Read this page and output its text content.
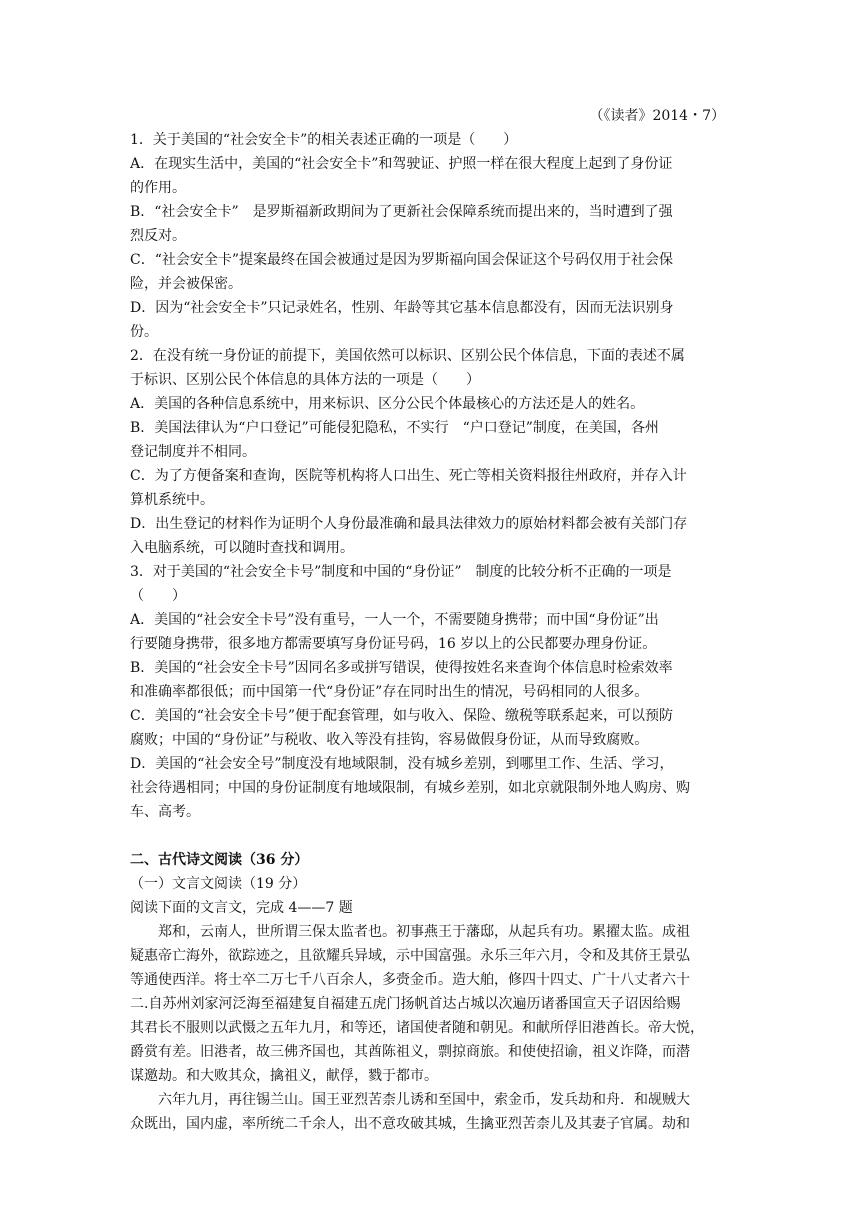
（《读者》2014・7）
1．关于美国的“社会安全卡”的相关表述正确的一项是（　　）
A．在现实生活中，美国的“社会安全卡”和驾驶证、护照一样在很大程度上起到了身份证
的作用。
B．“社会安全卡”　是罗斯福新政期间为了更新社会保障系统而提出来的，当时遭到了强
烈反对。
C．“社会安全卡”提案最终在国会被通过是因为罗斯福向国会保证这个号码仅用于社会保
险，并会被保密。
D．因为“社会安全卡”只记录姓名，性别、年龄等其它基本信息都没有，因而无法识别身
份。
2．在没有统一身份证的前提下，美国依然可以标识、区别公民个体信息，下面的表述不属
于标识、区别公民个体信息的具体方法的一项是（　　）
A．美国的各种信息系统中，用来标识、区分公民个体最核心的方法还是人的姓名。
B．美国法律认为“户口登记”可能侵犯隐私，不实行　“户口登记”制度，在美国，各州
登记制度并不相同。
C．为了方便备案和查询，医院等机构将人口出生、死亡等相关资料报往州政府，并存入计
算机系统中。
D．出生登记的材料作为证明个人身份最准确和最具法律效力的原始材料都会被有关部门存
入电脑系统，可以随时查找和调用。
3．对于美国的“社会安全卡号”制度和中国的“身份证”　制度的比较分析不正确的一项是
（　　）
A．美国的“社会安全卡号”没有重号，一人一个，不需要随身携带；而中国“身份证”出
行要随身携带，很多地方都需要填写身份证号码，16 岁以上的公民都要办理身份证。
B．美国的“社会安全卡号”因同名多或拼写错误，使得按姓名来查询个体信息时检索效率
和准确率都很低；而中国第一代“身份证”存在同时出生的情况，号码相同的人很多。
C．美国的“社会安全卡号”便于配套管理，如与收入、保险、缴税等联系起来，可以预防
腐败；中国的“身份证”与税收、收入等没有挂钩，容易做假身份证，从而导致腐败。
D．美国的“社会安全号”制度没有地域限制，没有城乡差别，到哪里工作、生活、学习，
社会待遇相同；中国的身份证制度有地域限制，有城乡差别，如北京就限制外地人购房、购
车、高考。
二、古代诗文阅读（36 分）
（一）文言文阅读（19 分）
阅读下面的文言文，完成 4——7 题
郑和，云南人，世所谓三保太监者也。初事燕王于藩邸，从起兵有功。累擢太监。成祖
疑惠帝亡海外，欲踪迹之，且欲耀兵异域，示中国富强。永乐三年六月，令和及其侪王景弘
等通使西洋。将士卒二万七千八百余人，多赍金币。造大舶，修四十四丈、广十八丈者六十
二.自苏州刘家河泛海至福建复自福建五虎门扬帆首达占城以次遍历诸番国宣天子诏因给赐
其君长不服则以武慑之五年九月，和等还，诸国使者随和朝见。和献所俘旧港酋长。帝大悦，
爵赏有差。旧港者，故三佛齐国也，其酋陈祖义，剽掠商旅。和使使招谕，祖义诈降，而潜
谋邀劫。和大败其众，擒祖义，献俘，戮于都市。
六年九月，再往锡兰山。国王亚烈苦柰儿诱和至国中，索金币，发兵劫和舟．和觇贼大
众既出，国内虚，率所统二千余人，出不意攻破其城，生擒亚烈苦柰儿及其妻子官属。劫和
